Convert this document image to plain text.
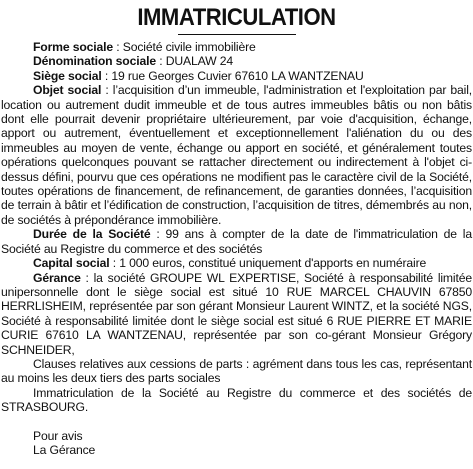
IMMATRICULATION

Forme sociale : Société civile immobilière

Dénomination sociale : DUALAW 24

Siège social : 19 rue Georges Cuvier 67610 LA WANTZENAU

Objet social : l’acquisition d’un immeuble, l'administration et l'exploitation par bail, location ou autrement dudit immeuble et de tous autres immeubles bâtis ou non bâtis dont elle pourrait devenir propriétaire ultérieurement, par voie d'acquisition, échange, apport ou autrement, éventuellement et exceptionnellement l'aliénation du ou des immeubles au moyen de vente, échange ou apport en société, et généralement toutes opérations quelconques pouvant se rattacher directement ou indirectement à l'objet ci-dessus défini, pourvu que ces opérations ne modifient pas le caractère civil de la Société, toutes opérations de financement, de refinancement, de garanties données, l’acquisition de terrain à bâtir et l’édification de construction, l’acquisition de titres, démembrés au non, de sociétés à prépondérance immobilière.

Durée de la Société : 99 ans à compter de la date de l'immatriculation de la Société au Registre du commerce et des sociétés

Capital social : 1 000 euros, constitué uniquement d'apports en numéraire

Gérance : la société GROUPE WL EXPERTISE, Société à responsabilité limitée unipersonnelle dont le siège social est situé 10 RUE MARCEL CHAUVIN 67850 HERRLISHEIM, représentée par son gérant Monsieur Laurent WINTZ, et la société NGS, Société à responsabilité limitée dont le siège social est situé 6 RUE PIERRE ET MARIE CURIE 67610 LA WANTZENAU, représentée par son co-gérant Monsieur Grégory SCHNEIDER,

Clauses relatives aux cessions de parts : agrément dans tous les cas, représentant au moins les deux tiers des parts sociales

Immatriculation de la Société au Registre du commerce et des sociétés de STRASBOURG.

Pour avis

La Gérance
